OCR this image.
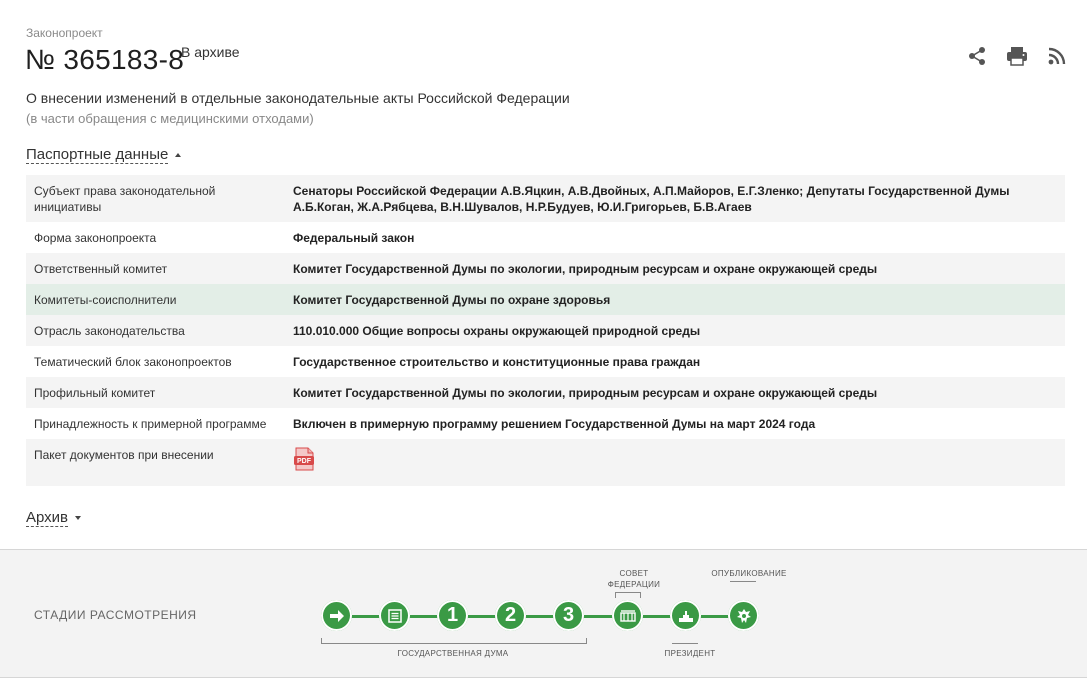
Законопроект
№ 365183-8
В архиве
О внесении изменений в отдельные законодательные акты Российской Федерации
(в части обращения с медицинскими отходами)
Паспортные данные
Субъект права законодательной инициативы	Сенаторы Российской Федерации А.В.Яцкин, А.В.Двойных, А.П.Майоров, Е.Г.Зленко; Депутаты Государственной Думы А.Б.Коган, Ж.А.Рябцева, В.Н.Шувалов, Н.Р.Будуев, Ю.И.Григорьев, Б.В.Агаев
Форма законопроекта	Федеральный закон
Ответственный комитет	Комитет Государственной Думы по экологии, природным ресурсам и охране окружающей среды
Комитеты-соисполнители	Комитет Государственной Думы по охране здоровья
Отрасль законодательства	110.010.000 Общие вопросы охраны окружающей природной среды
Тематический блок законопроектов	Государственное строительство и конституционные права граждан
Профильный комитет	Комитет Государственной Думы по экологии, природным ресурсам и охране окружающей среды
Принадлежность к примерной программе	Включен в примерную программу решением Государственной Думы на март 2024 года
Пакет документов при внесении	PDF
Архив
СТАДИИ РАССМОТРЕНИЯ
СОВЕТ
ФЕДЕРАЦИИ
ОПУБЛИКОВАНИЕ
1 2 3
ГОСУДАРСТВЕННАЯ ДУМА	ПРЕЗИДЕНТ
